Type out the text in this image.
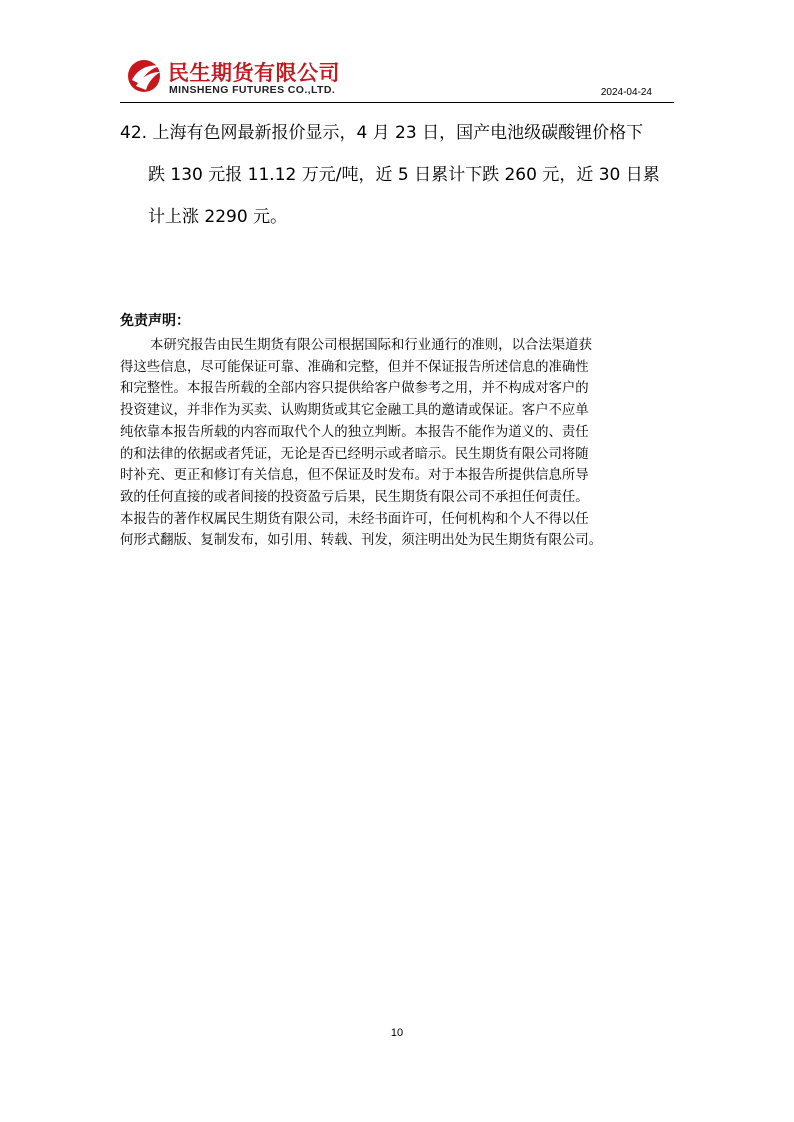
民生期货有限公司
MINSHENG FUTURES CO.,LTD.	2024-04-24
42. 上海有色网最新报价显示，4 月 23 日，国产电池级碳酸锂价格下
跌 130 元报 11.12 万元/吨，近 5 日累计下跌 260 元，近 30 日累
计上涨 2290 元。
免责声明：
本研究报告由民生期货有限公司根据国际和行业通行的准则，以合法渠道获
得这些信息，尽可能保证可靠、准确和完整，但并不保证报告所述信息的准确性
和完整性。本报告所载的全部内容只提供给客户做参考之用，并不构成对客户的
投资建议，并非作为买卖、认购期货或其它金融工具的邀请或保证。客户不应单
纯依靠本报告所载的内容而取代个人的独立判断。本报告不能作为道义的、责任
的和法律的依据或者凭证，无论是否已经明示或者暗示。民生期货有限公司将随
时补充、更正和修订有关信息，但不保证及时发布。对于本报告所提供信息所导
致的任何直接的或者间接的投资盈亏后果，民生期货有限公司不承担任何责任。
本报告的著作权属民生期货有限公司，未经书面许可，任何机构和个人不得以任
何形式翻版、复制发布，如引用、转载、刊发，须注明出处为民生期货有限公司。
10
